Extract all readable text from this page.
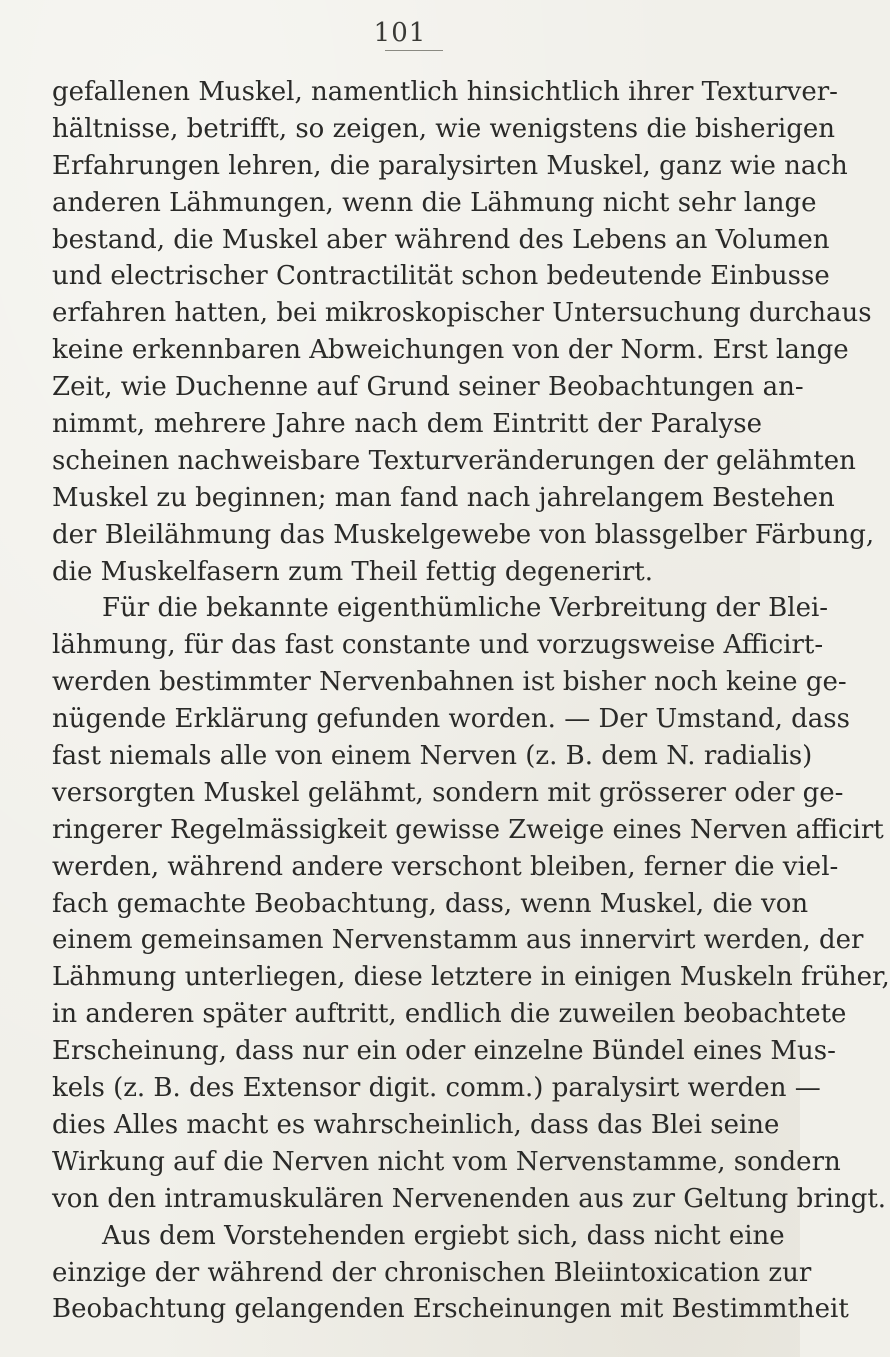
101
gefallenen Muskel, namentlich hinsichtlich ihrer Texturver-
hältnisse, betrifft, so zeigen, wie wenigstens die bisherigen
Erfahrungen lehren, die paralysirten Muskel, ganz wie nach
anderen Lähmungen, wenn die Lähmung nicht sehr lange
bestand, die Muskel aber während des Lebens an Volumen
und electrischer Contractilität schon bedeutende Einbusse
erfahren hatten, bei mikroskopischer Untersuchung durchaus
keine erkennbaren Abweichungen von der Norm. Erst lange
Zeit, wie Duchenne auf Grund seiner Beobachtungen an-
nimmt, mehrere Jahre nach dem Eintritt der Paralyse
scheinen nachweisbare Texturveränderungen der gelähmten
Muskel zu beginnen; man fand nach jahrelangem Bestehen
der Bleilähmung das Muskelgewebe von blassgelber Färbung,
die Muskelfasern zum Theil fettig degenerirt.
Für die bekannte eigenthümliche Verbreitung der Blei-
lähmung, für das fast constante und vorzugsweise Afficirt-
werden bestimmter Nervenbahnen ist bisher noch keine ge-
nügende Erklärung gefunden worden. — Der Umstand, dass
fast niemals alle von einem Nerven (z. B. dem N. radialis)
versorgten Muskel gelähmt, sondern mit grösserer oder ge-
ringerer Regelmässigkeit gewisse Zweige eines Nerven afficirt
werden, während andere verschont bleiben, ferner die viel-
fach gemachte Beobachtung, dass, wenn Muskel, die von
einem gemeinsamen Nervenstamm aus innervirt werden, der
Lähmung unterliegen, diese letztere in einigen Muskeln früher,
in anderen später auftritt, endlich die zuweilen beobachtete
Erscheinung, dass nur ein oder einzelne Bündel eines Mus-
kels (z. B. des Extensor digit. comm.) paralysirt werden —
dies Alles macht es wahrscheinlich, dass das Blei seine
Wirkung auf die Nerven nicht vom Nervenstamme, sondern
von den intramuskulären Nervenenden aus zur Geltung bringt.
Aus dem Vorstehenden ergiebt sich, dass nicht eine
einzige der während der chronischen Bleiintoxication zur
Beobachtung gelangenden Erscheinungen mit Bestimmtheit
